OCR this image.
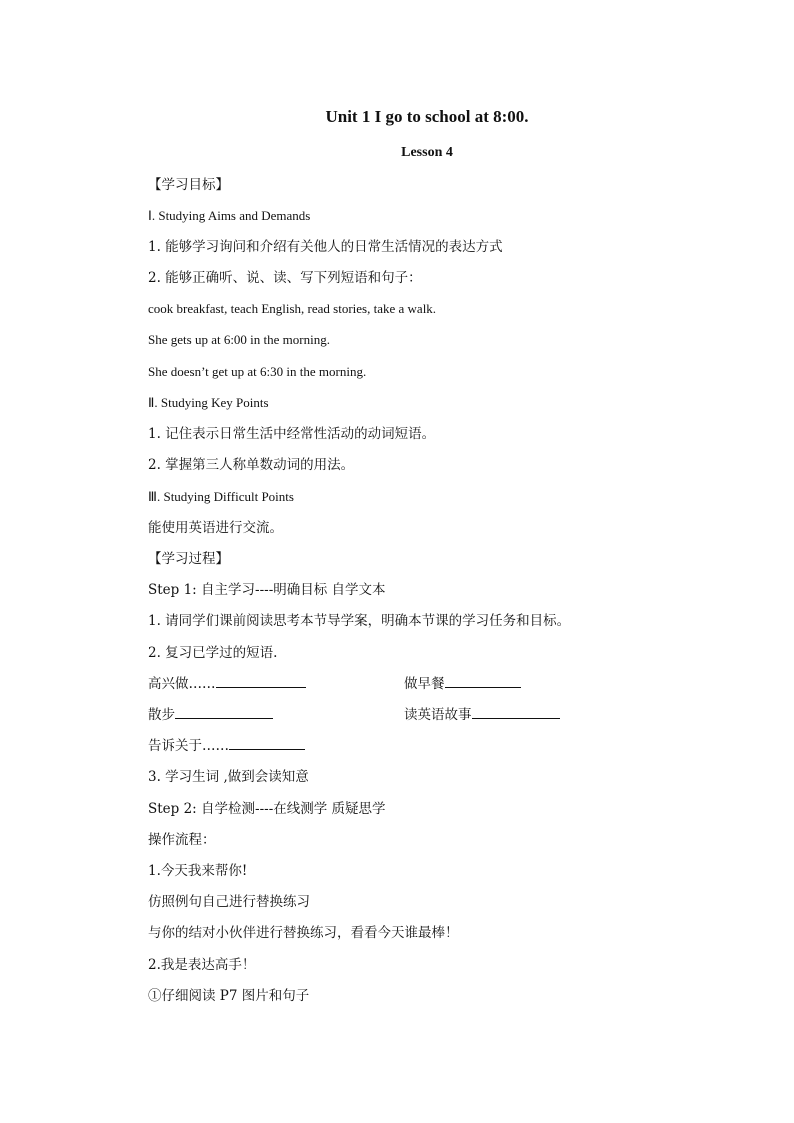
Unit 1 I go to school at 8:00.
Lesson 4
【学习目标】
Ⅰ. Studying Aims and Demands
1. 能够学习询问和介绍有关他人的日常生活情况的表达方式
2. 能够正确听、说、读、写下列短语和句子：
cook breakfast, teach English, read stories, take a walk.
She gets up at 6:00 in the morning.
She doesn’t get up at 6:30 in the morning.
Ⅱ. Studying Key Points
1. 记住表示日常生活中经常性活动的动词短语。
2. 掌握第三人称单数动词的用法。
Ⅲ. Studying Difficult Points
能使用英语进行交流。
【学习过程】
Step 1: 自主学习----明确目标 自学文本
1. 请同学们课前阅读思考本节导学案，明确本节课的学习任务和目标。
2. 复习已学过的短语.
高兴做……	做早餐
散步	读英语故事
告诉关于……
3. 学习生词 ,做到会读知意
Step 2: 自学检测----在线测学 质疑思学
操作流程：
1.今天我来帮你!
仿照例句自己进行替换练习
与你的结对小伙伴进行替换练习，看看今天谁最棒！
2.我是表达高手！
①仔细阅读 P7 图片和句子
